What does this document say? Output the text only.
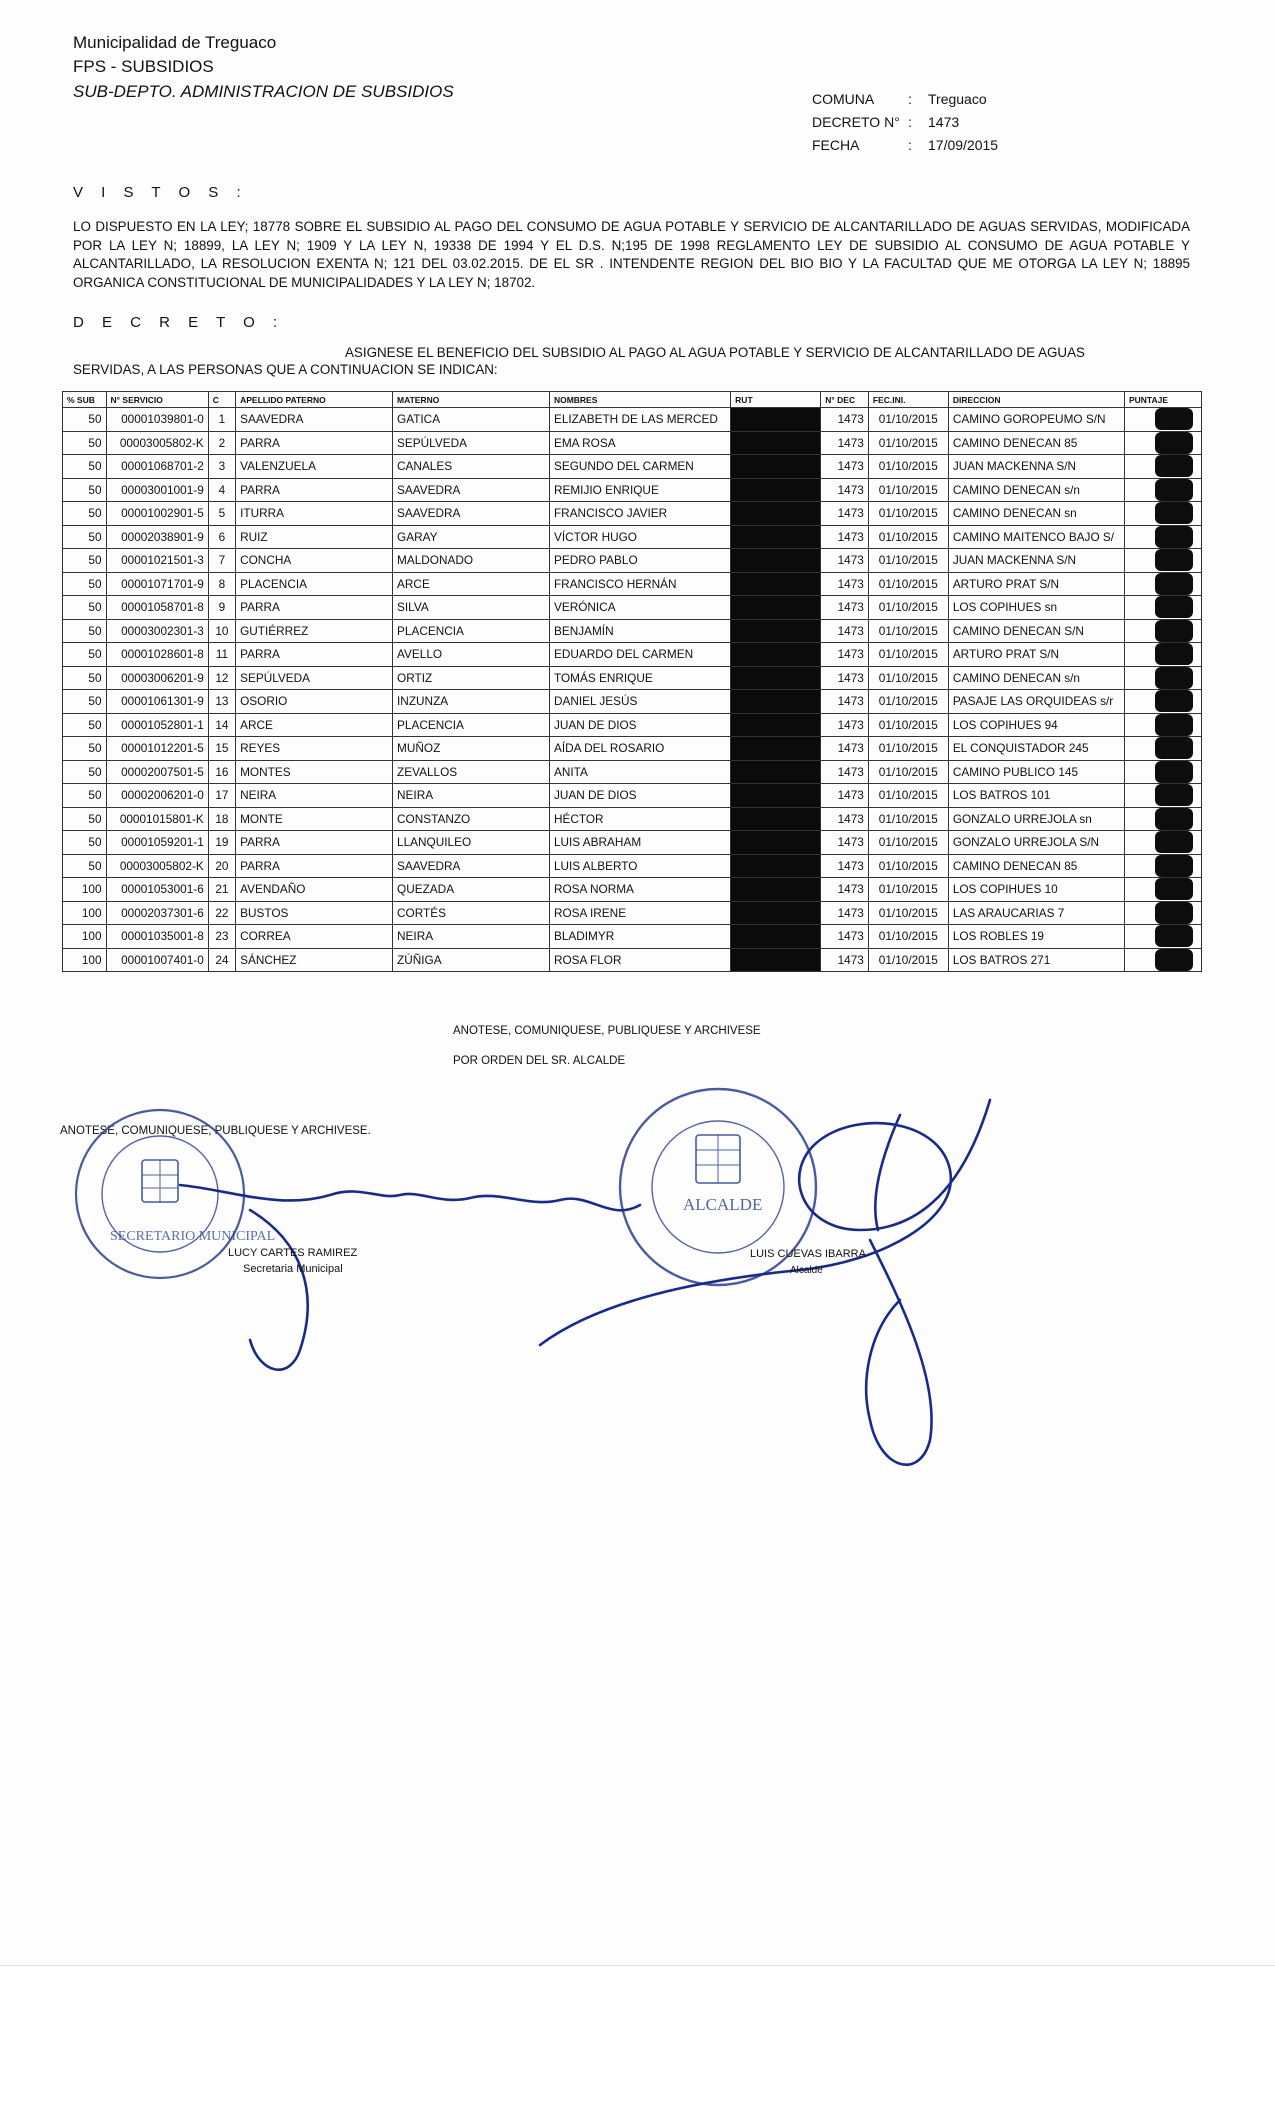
Municipalidad de Treguaco
FPS - SUBSIDIOS
SUB-DEPTO. ADMINISTRACION DE SUBSIDIOS	COMUNA	:	Treguaco
DECRETO N° :	1473
FECHA	:	17/09/2015
V I S T O S :
LO DISPUESTO EN LA LEY; 18778 SOBRE EL SUBSIDIO AL PAGO DEL CONSUMO DE AGUA POTABLE Y SERVICIO DE ALCANTARILLADO DE AGUAS SERVIDAS, MODIFICADA POR LA LEY N; 18899, LA LEY N; 1909 Y LA LEY N, 19338 DE 1994 Y EL D.S. N;195 DE 1998 REGLAMENTO LEY DE SUBSIDIO AL CONSUMO DE AGUA POTABLE Y ALCANTARILLADO, LA RESOLUCION EXENTA N; 121 DEL 03.02.2015. DE EL SR . INTENDENTE REGION DEL BIO BIO Y LA FACULTAD QUE ME OTORGA LA LEY N; 18895 ORGANICA CONSTITUCIONAL DE MUNICIPALIDADES Y LA LEY N; 18702.
D E C R E T O :
ASIGNESE EL BENEFICIO DEL SUBSIDIO AL PAGO AL AGUA POTABLE Y SERVICIO DE ALCANTARILLADO DE AGUAS
SERVIDAS, A LAS PERSONAS QUE A CONTINUACION SE INDICAN:
% SUB	N° SERVICIO	C	APELLIDO PATERNO	MATERNO	NOMBRES	RUT	N° DEC	FEC.INI.	DIRECCION	PUNTAJE
50	00001039801-0	1	SAAVEDRA	GATICA	ELIZABETH DE LAS MERCED		1473	01/10/2015	CAMINO GOROPEUMO S/N	

50	00003005802-K	2	PARRA	SEPÚLVEDA	EMA ROSA		1473	01/10/2015	CAMINO DENECAN 85	

50	00001068701-2	3	VALENZUELA	CANALES	SEGUNDO DEL CARMEN		1473	01/10/2015	JUAN MACKENNA S/N	

50	00003001001-9	4	PARRA	SAAVEDRA	REMIJIO ENRIQUE		1473	01/10/2015	CAMINO DENECAN s/n	

50	00001002901-5	5	ITURRA	SAAVEDRA	FRANCISCO JAVIER		1473	01/10/2015	CAMINO DENECAN sn	

50	00002038901-9	6	RUIZ	GARAY	VÍCTOR HUGO		1473	01/10/2015	CAMINO MAITENCO BAJO S/	

50	00001021501-3	7	CONCHA	MALDONADO	PEDRO PABLO		1473	01/10/2015	JUAN MACKENNA S/N	

50	00001071701-9	8	PLACENCIA	ARCE	FRANCISCO HERNÁN		1473	01/10/2015	ARTURO PRAT S/N	

50	00001058701-8	9	PARRA	SILVA	VERÓNICA		1473	01/10/2015	LOS COPIHUES sn	

50	00003002301-3	10	GUTIÉRREZ	PLACENCIA	BENJAMÍN		1473	01/10/2015	CAMINO DENECAN S/N	

50	00001028601-8	11	PARRA	AVELLO	EDUARDO DEL CARMEN		1473	01/10/2015	ARTURO PRAT S/N	

50	00003006201-9	12	SEPÚLVEDA	ORTIZ	TOMÁS ENRIQUE		1473	01/10/2015	CAMINO DENECAN s/n	

50	00001061301-9	13	OSORIO	INZUNZA	DANIEL JESÚS		1473	01/10/2015	PASAJE LAS ORQUIDEAS s/r	

50	00001052801-1	14	ARCE	PLACENCIA	JUAN DE DIOS		1473	01/10/2015	LOS COPIHUES 94	

50	00001012201-5	15	REYES	MUÑOZ	AÍDA DEL ROSARIO		1473	01/10/2015	EL CONQUISTADOR 245	

50	00002007501-5	16	MONTES	ZEVALLOS	ANITA		1473	01/10/2015	CAMINO PUBLICO 145	

50	00002006201-0	17	NEIRA	NEIRA	JUAN DE DIOS		1473	01/10/2015	LOS BATROS 101	

50	00001015801-K	18	MONTE	CONSTANZO	HÉCTOR		1473	01/10/2015	GONZALO URREJOLA sn	

50	00001059201-1	19	PARRA	LLANQUILEO	LUIS ABRAHAM		1473	01/10/2015	GONZALO URREJOLA S/N	

50	00003005802-K	20	PARRA	SAAVEDRA	LUIS ALBERTO		1473	01/10/2015	CAMINO DENECAN 85	

100	00001053001-6	21	AVENDAÑO	QUEZADA	ROSA NORMA		1473	01/10/2015	LOS COPIHUES 10	

100	00002037301-6	22	BUSTOS	CORTÉS	ROSA IRENE		1473	01/10/2015	LAS ARAUCARIAS 7	

100	00001035001-8	23	CORREA	NEIRA	BLADIMYR		1473	01/10/2015	LOS ROBLES 19	

100	00001007401-0	24	SÁNCHEZ	ZÚÑIGA	ROSA FLOR		1473	01/10/2015	LOS BATROS 271	
ANOTESE, COMUNIQUESE, PUBLIQUESE Y ARCHIVESE
POR ORDEN DEL SR. ALCALDE
ANOTESE, COMUNIQUESE, PUBLIQUESE Y ARCHIVESE.
SECRETARIO MUNICIPAL
ALCALDE
LUCY CARTES RAMIREZ
Secretaria Municipal
LUIS CUEVAS IBARRA
Alcalde
